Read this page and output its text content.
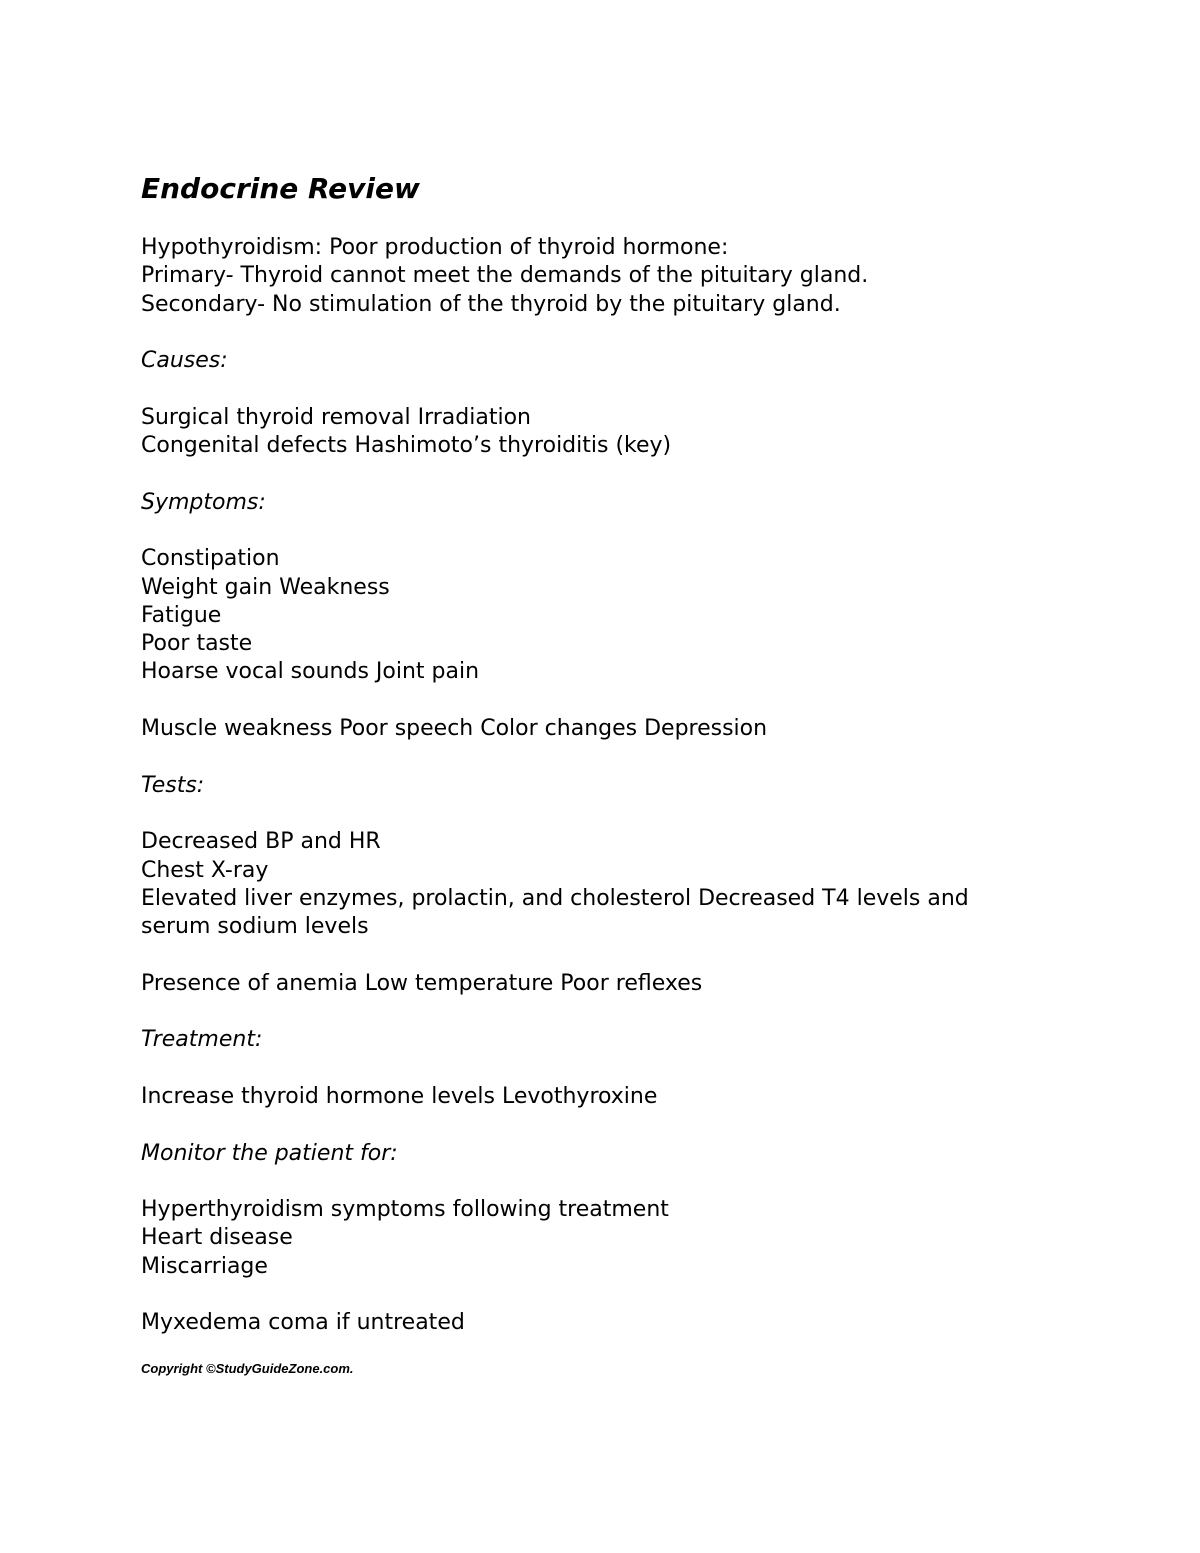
Endocrine Review

Hypothyroidism: Poor production of thyroid hormone:

Primary- Thyroid cannot meet the demands of the pituitary gland.

Secondary- No stimulation of the thyroid by the pituitary gland.

Causes:

Surgical thyroid removal Irradiation

Congenital defects Hashimoto’s thyroiditis (key)

Symptoms:

Constipation

Weight gain Weakness

Fatigue

Poor taste

Hoarse vocal sounds Joint pain

Muscle weakness Poor speech Color changes Depression

Tests:

Decreased BP and HR

Chest X-ray

Elevated liver enzymes, prolactin, and cholesterol Decreased T4 levels and serum sodium levels

Presence of anemia Low temperature Poor reflexes

Treatment:

Increase thyroid hormone levels Levothyroxine

Monitor the patient for:

Hyperthyroidism symptoms following treatment

Heart disease

Miscarriage

Myxedema coma if untreated

Copyright ©StudyGuideZone.com.
